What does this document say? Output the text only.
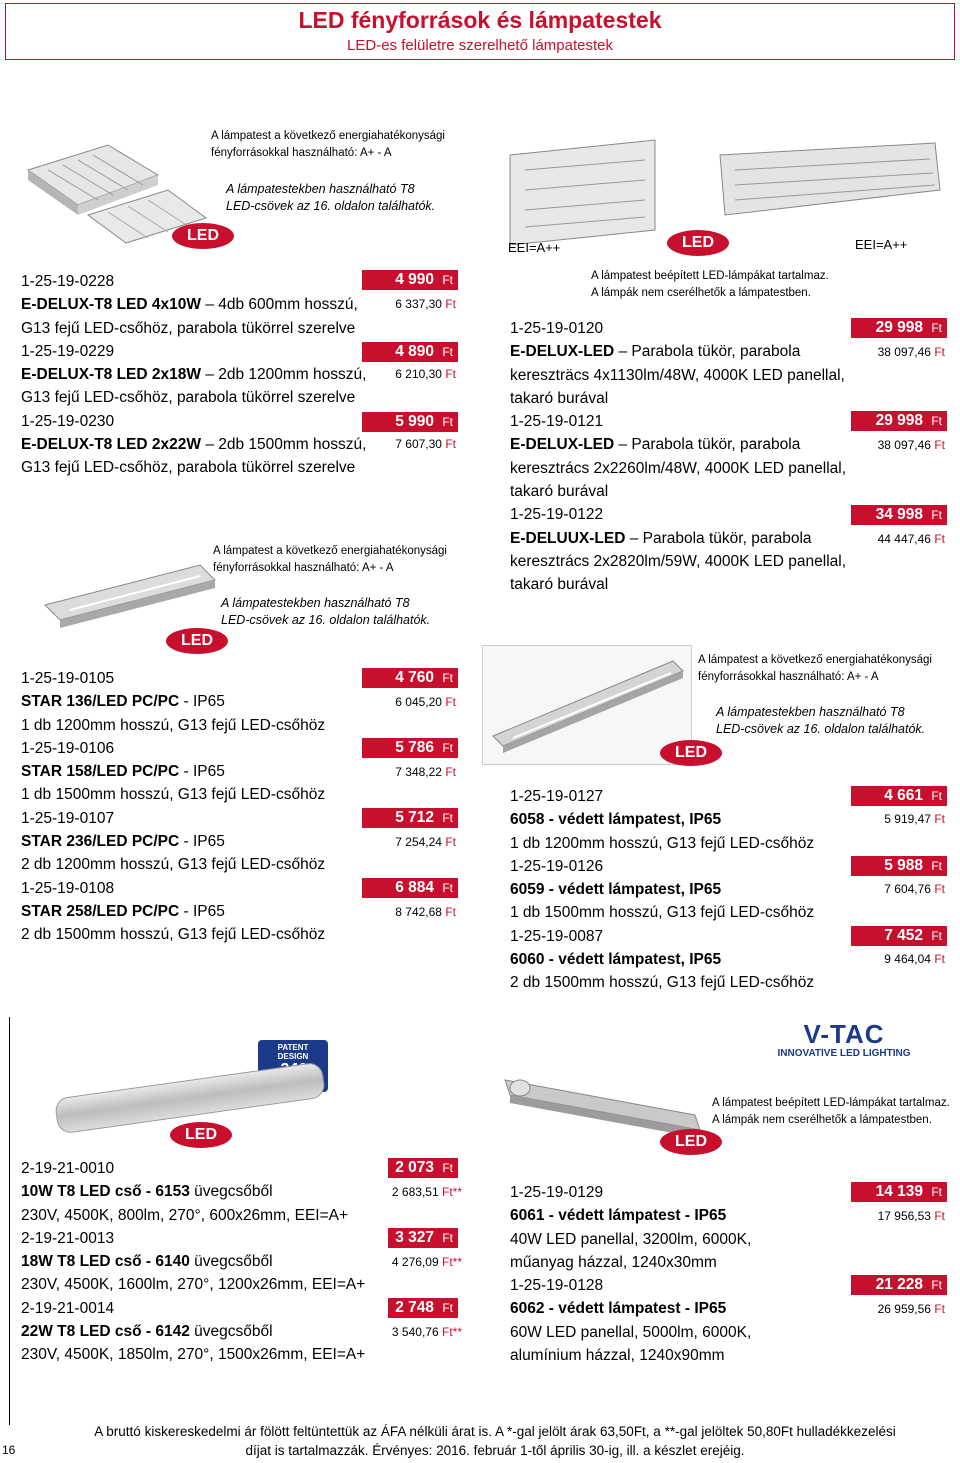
LED fényforrások és lámpatestek
LED-es felületre szerelhető lámpatestek
LED
A lámpatest a következő energiahatékonysági
fényforrásokkal használható: A+ - A
A lámpatestekben használható T8
LED-csövek az 16. oldalon találhatók.
1-25-19-0228
E-DELUX-T8 LED 4x10W – 4db 600mm hosszú,
G13 fejű LED-csőhöz, parabola tükörrel szerelve
1-25-19-0229
E-DELUX-T8 LED 2x18W – 2db 1200mm hosszú,
G13 fejű LED-csőhöz, parabola tükörrel szerelve
1-25-19-0230
E-DELUX-T8 LED 2x22W – 2db 1500mm hosszú,
G13 fejű LED-csőhöz, parabola tükörrel szerelve
4 990 Ft
6 337,30 Ft
4 890 Ft
6 210,30 Ft
5 990 Ft
7 607,30 Ft
EEI=A++	EEI=A++
LED
A lámpatest beépített LED-lámpákat tartalmaz.
A lámpák nem cserélhetők a lámpatestben.
1-25-19-0120
E-DELUX-LED – Parabola tükör, parabola
kereszträcs 4x1130lm/48W, 4000K LED panellal,
takaró burával
1-25-19-0121
E-DELUX-LED – Parabola tükör, parabola
keresztrács 2x2260lm/48W, 4000K LED panellal,
takaró burával
1-25-19-0122
E-DELUUX-LED – Parabola tükör, parabola
keresztrács 2x2820lm/59W, 4000K LED panellal,
takaró burával
29 998 Ft
38 097,46 Ft
29 998 Ft
38 097,46 Ft
34 998 Ft
44 447,46 Ft
LED
A lámpatest a következő energiahatékonysági
fényforrásokkal használható: A+ - A
A lámpatestekben használható T8
LED-csövek az 16. oldalon találhatók.
1-25-19-0105
STAR 136/LED PC/PC - IP65
1 db 1200mm hosszú, G13 fejű LED-csőhöz
1-25-19-0106
STAR 158/LED PC/PC - IP65
1 db 1500mm hosszú, G13 fejű LED-csőhöz
1-25-19-0107
STAR 236/LED PC/PC - IP65
2 db 1200mm hosszú, G13 fejű LED-csőhöz
1-25-19-0108
STAR 258/LED PC/PC - IP65
2 db 1500mm hosszú, G13 fejű LED-csőhöz
4 760 Ft
6 045,20 Ft
5 786 Ft
7 348,22 Ft
5 712 Ft
7 254,24 Ft
6 884 Ft
8 742,68 Ft
LED
A lámpatest a következő energiahatékonysági
fényforrásokkal használható: A+ - A
A lámpatestekben használható T8
LED-csövek az 16. oldalon találhatók.
1-25-19-0127
6058 - védett lámpatest, IP65
1 db 1200mm hosszú, G13 fejű LED-csőhöz
1-25-19-0126
6059 - védett lámpatest, IP65
1 db 1500mm hosszú, G13 fejű LED-csőhöz
1-25-19-0087
6060 - védett lámpatest, IP65
2 db 1500mm hosszú, G13 fejű LED-csőhöz
4 661 Ft
5 919,47 Ft
5 988 Ft
7 604,76 Ft
7 452 Ft
9 464,04 Ft
PATENT
DESIGN
LED
2-19-21-0010
10W T8 LED cső - 6153 üvegcsőből
230V, 4500K, 800lm, 270°, 600x26mm, EEI=A+
2-19-21-0013
18W T8 LED cső - 6140 üvegcsőből
230V, 4500K, 1600lm, 270°, 1200x26mm, EEI=A+
2-19-21-0014
22W T8 LED cső - 6142 üvegcsőből
230V, 4500K, 1850lm, 270°, 1500x26mm, EEI=A+
2 073 Ft
2 683,51 Ft**
3 327 Ft
4 276,09 Ft**
2 748 Ft
3 540,76 Ft**
V-TAC
INNOVATIVE LED LIGHTING
LED
A lámpatest beépített LED-lámpákat tartalmaz.
A lámpák nem cserélhetők a lámpatestben.
1-25-19-0129
6061 - védett lámpatest - IP65
40W LED panellal, 3200lm, 6000K,
műanyag házzal, 1240x30mm
1-25-19-0128
6062 - védett lámpatest - IP65
60W LED panellal, 5000lm, 6000K,
alumínium házzal, 1240x90mm
14 139 Ft
17 956,53 Ft
21 228 Ft
26 959,56 Ft
A bruttó kiskereskedelmi ár fölött feltüntettük az ÁFA nélküli árat is. A *-gal jelölt árak 63,50Ft, a **-gal jelöltek 50,80Ft hulladékkezelési
díjat is tartalmazzák. Érvényes: 2016. február 1-től április 30-ig, ill. a készlet erejéig.
16
